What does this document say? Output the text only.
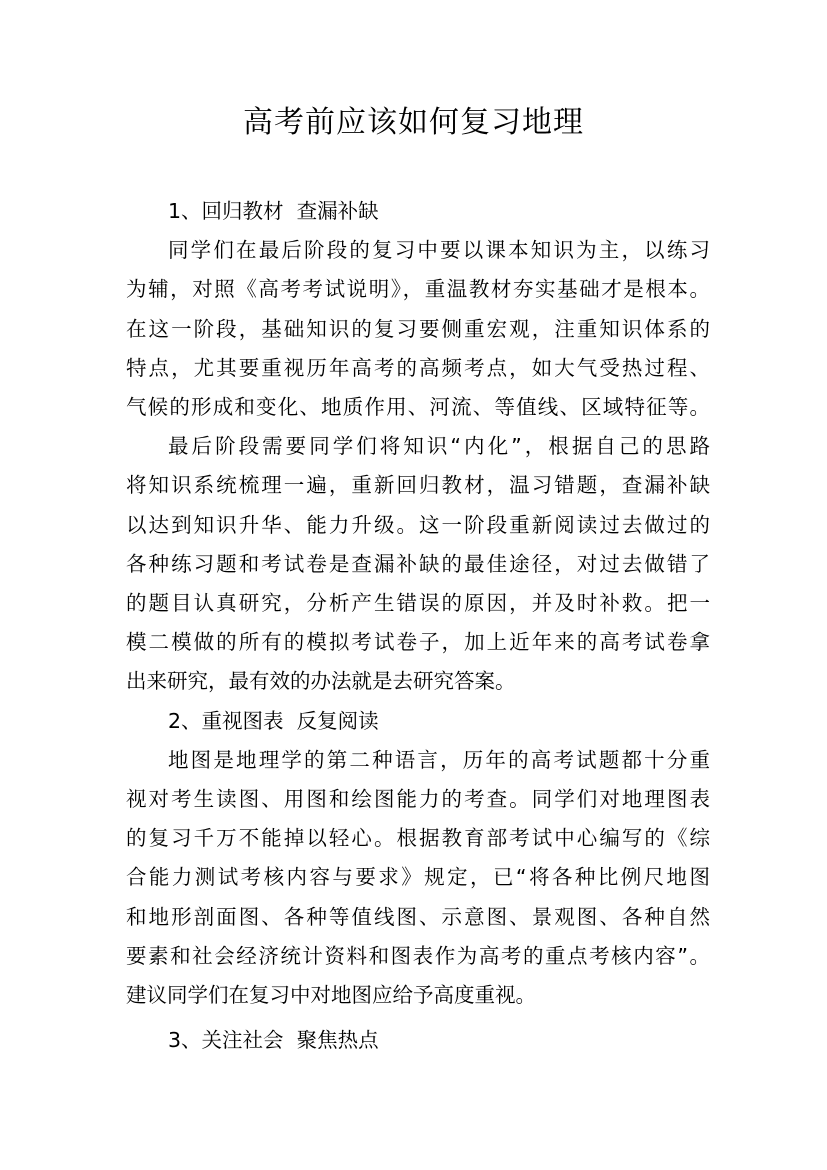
高考前应该如何复习地理

1、回归教材  查漏补缺

同学们在最后阶段的复习中要以课本知识为主，以练习
为辅，对照《高考考试说明》，重温教材夯实基础才是根本。
在这一阶段，基础知识的复习要侧重宏观，注重知识体系的
特点，尤其要重视历年高考的高频考点，如大气受热过程、
气候的形成和变化、地质作用、河流、等值线、区域特征等。

最后阶段需要同学们将知识“内化”，根据自己的思路
将知识系统梳理一遍，重新回归教材，温习错题，查漏补缺
以达到知识升华、能力升级。这一阶段重新阅读过去做过的
各种练习题和考试卷是查漏补缺的最佳途径，对过去做错了
的题目认真研究，分析产生错误的原因，并及时补救。把一
模二模做的所有的模拟考试卷子，加上近年来的高考试卷拿
出来研究，最有效的办法就是去研究答案。

2、重视图表  反复阅读

地图是地理学的第二种语言，历年的高考试题都十分重
视对考生读图、用图和绘图能力的考查。同学们对地理图表
的复习千万不能掉以轻心。根据教育部考试中心编写的《综
合能力测试考核内容与要求》规定，已“将各种比例尺地图
和地形剖面图、各种等值线图、示意图、景观图、各种自然
要素和社会经济统计资料和图表作为高考的重点考核内容”。
建议同学们在复习中对地图应给予高度重视。

3、关注社会  聚焦热点
